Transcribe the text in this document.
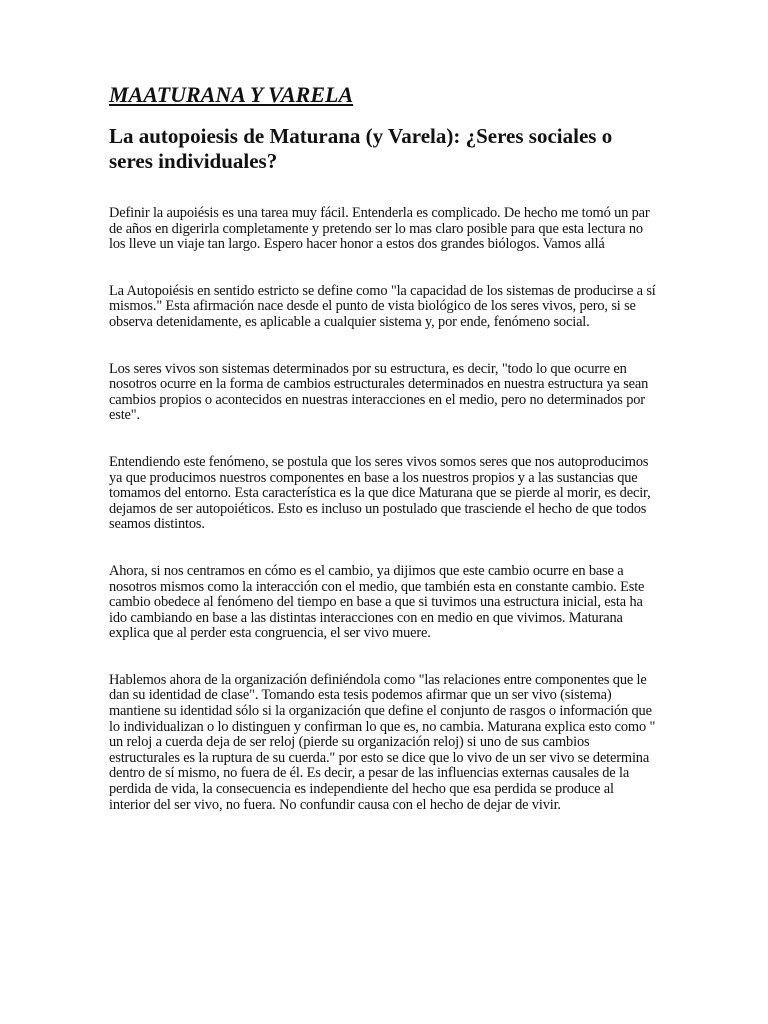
MAATURANA Y VARELA
La autopoiesis de Maturana (y Varela): ¿Seres sociales o seres individuales?

Definir la aupoiésis es una tarea muy fácil. Entenderla es complicado. De hecho me tomó un par de años en digerirla completamente y pretendo ser lo mas claro posible para que esta lectura no los lleve un viaje tan largo. Espero hacer honor a estos dos grandes biólogos. Vamos allá

La Autopoiésis en sentido estricto se define como "la capacidad de los sistemas de producirse a sí mismos." Esta afirmación nace desde el punto de vista biológico de los seres vivos, pero, si se observa detenidamente, es aplicable a cualquier sistema y, por ende, fenómeno social.

Los seres vivos son sistemas determinados por su estructura, es decir, "todo lo que ocurre en nosotros ocurre en la forma de cambios estructurales determinados en nuestra estructura ya sean cambios propios o acontecidos en nuestras interacciones en el medio, pero no determinados por este".

Entendiendo este fenómeno, se postula que los seres vivos somos seres que nos autoproducimos ya que producimos nuestros componentes en base a los nuestros propios y a las sustancias que tomamos del entorno. Esta característica es la que dice Maturana que se pierde al morir, es decir, dejamos de ser autopoiéticos. Esto es incluso un postulado que trasciende el hecho de que todos seamos distintos.

Ahora, si nos centramos en cómo es el cambio, ya dijimos que este cambio ocurre en base a nosotros mismos como la interacción con el medio, que también esta en constante cambio. Este cambio obedece al fenómeno del tiempo en base a que si tuvimos una estructura inicial, esta ha ido cambiando en base a las distintas interacciones con en medio en que vivimos. Maturana explica que al perder esta congruencia, el ser vivo muere.

Hablemos ahora de la organización definiéndola como "las relaciones entre componentes que le dan su identidad de clase". Tomando esta tesis podemos afirmar que un ser vivo (sistema) mantiene su identidad sólo si la organización que define el conjunto de rasgos o información que lo individualizan o lo distinguen y confirman lo que es, no cambia. Maturana explica esto como " un reloj a cuerda deja de ser reloj (pierde su organización reloj) si uno de sus cambios estructurales es la ruptura de su cuerda." por esto se dice que lo vivo de un ser vivo se determina dentro de sí mismo, no fuera de él. Es decir, a pesar de las influencias externas causales de la perdida de vida, la consecuencia es independiente del hecho que esa perdida se produce al interior del ser vivo, no fuera. No confundir causa con el hecho de dejar de vivir.
